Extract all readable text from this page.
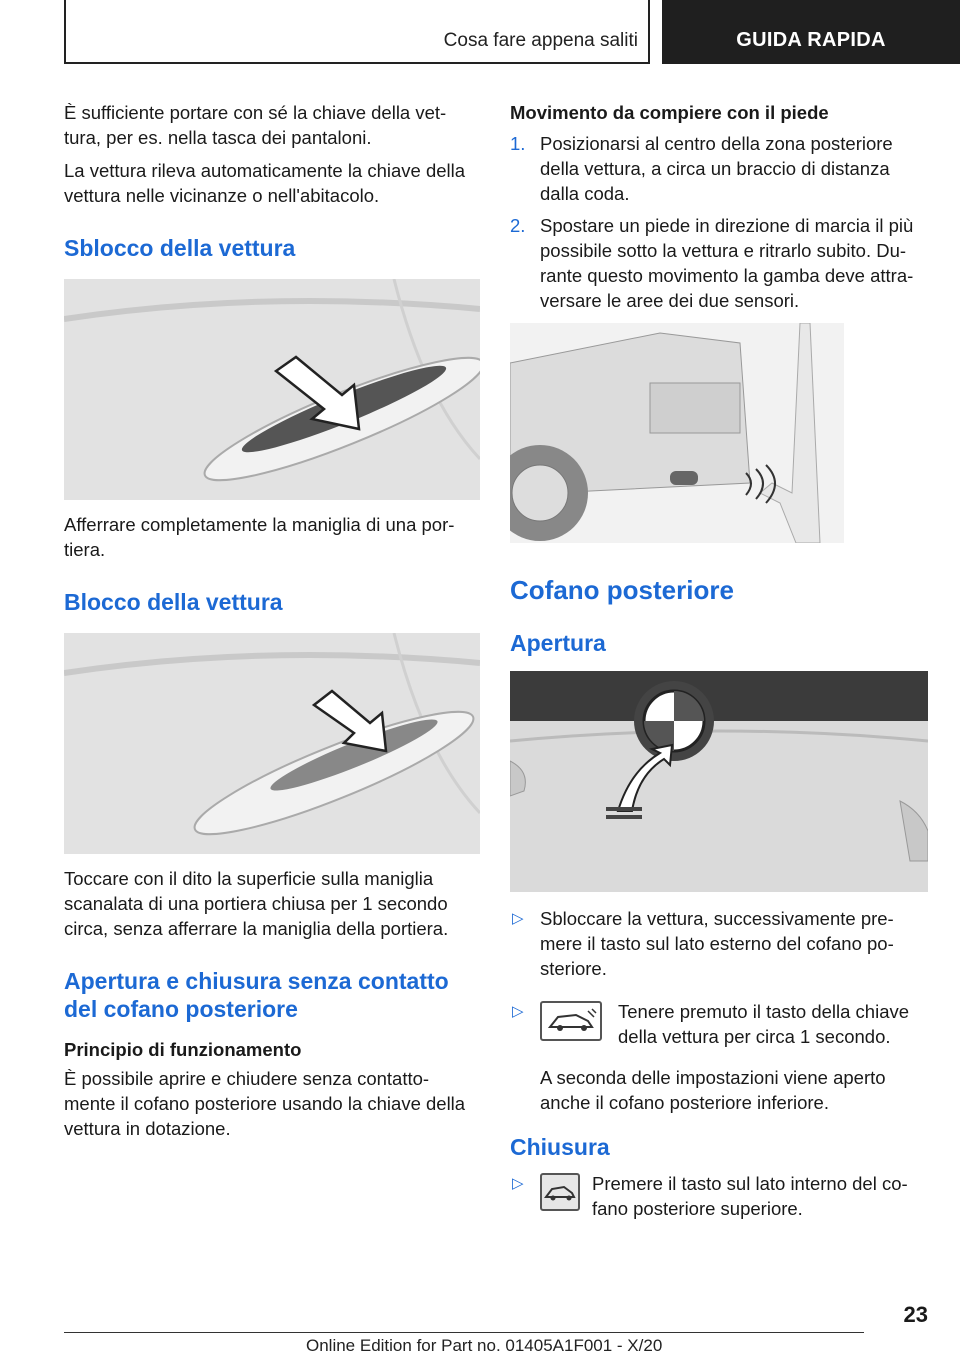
Cosa fare appena saliti	GUIDA RAPIDA

È sufficiente portare con sé la chiave della vet- tura, per es. nella tasca dei pantaloni.

La vettura rileva automaticamente la chiave della vettura nelle vicinanze o nell'abitacolo.

Sblocco della vettura

Afferrare completamente la maniglia di una por- tiera.

Blocco della vettura

Toccare con il dito la superficie sulla maniglia scanalata di una portiera chiusa per 1 secondo circa, senza afferrare la maniglia della portiera.

Apertura e chiusura senza contatto del cofano posteriore
Principio di funzionamento

È possibile aprire e chiudere senza contatto- mente il cofano posteriore usando la chiave della vettura in dotazione.

Movimento da compiere con il piede
1. Posizionarsi al centro della zona posteriore della vettura, a circa un braccio di distanza dalla coda.
2. Spostare un piede in direzione di marcia il più possibile sotto la vettura e ritrarlo subito. Du- rante questo movimento la gamba deve attra- versare le aree dei due sensori.
Cofano posteriore
Apertura
▷ Sbloccare la vettura, successivamente pre- mere il tasto sul lato esterno del cofano po- steriore.
▷	Tenere premuto il tasto della chiave della vettura per circa 1 secondo.

A seconda delle impostazioni viene aperto anche il cofano posteriore inferiore.

Chiusura
▷	Premere il tasto sul lato interno del co- fano posteriore superiore.
23
Online Edition for Part no. 01405A1F001 - X/20
